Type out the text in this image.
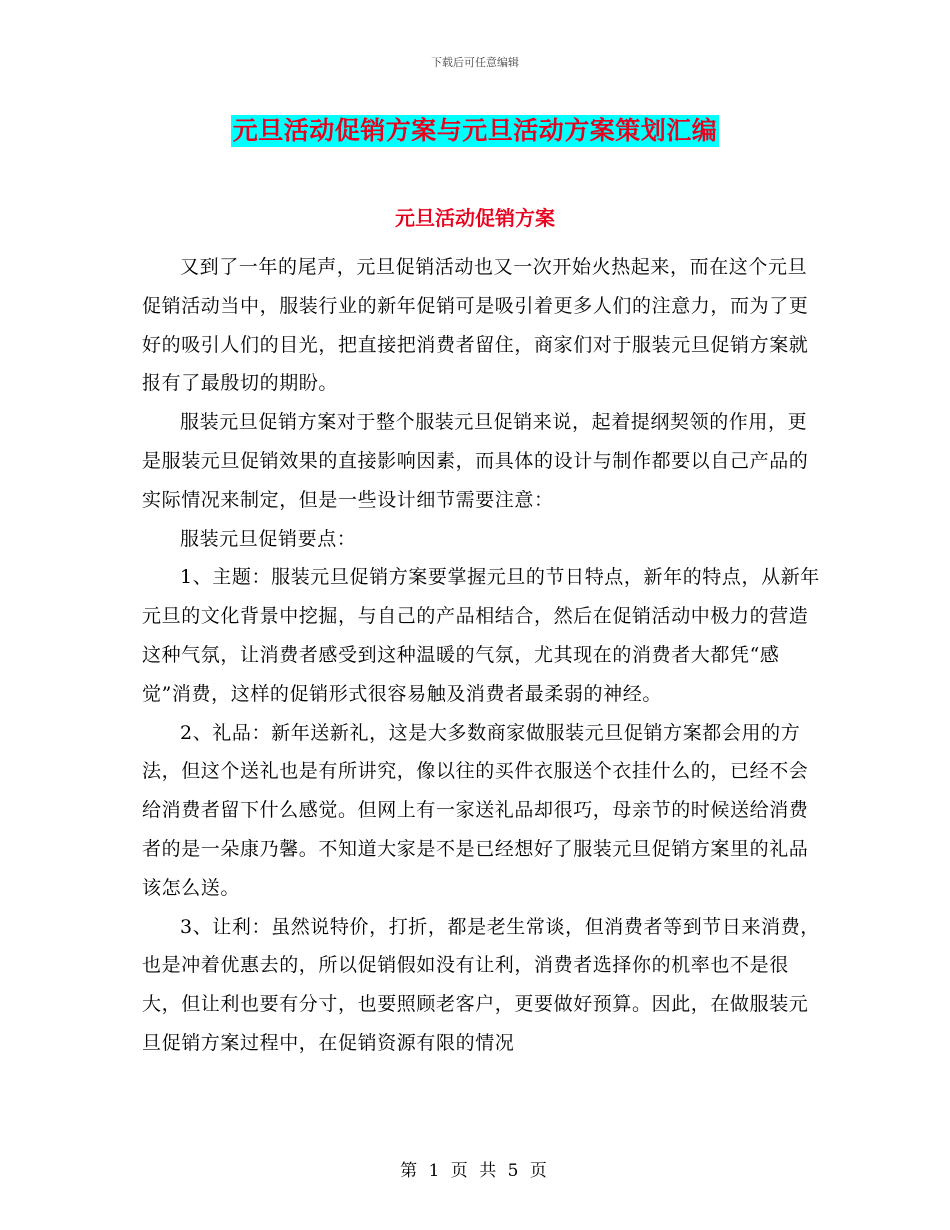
下载后可任意编辑
元旦活动促销方案与元旦活动方案策划汇编
元旦活动促销方案

又到了一年的尾声，元旦促销活动也又一次开始火热起来，而在这个元旦促销活动当中，服装行业的新年促销可是吸引着更多人们的注意力，而为了更好的吸引人们的目光，把直接把消费者留住，商家们对于服装元旦促销方案就报有了最殷切的期盼。

服装元旦促销方案对于整个服装元旦促销来说，起着提纲契领的作用，更是服装元旦促销效果的直接影响因素，而具体的设计与制作都要以自己产品的实际情况来制定，但是一些设计细节需要注意：

服装元旦促销要点：

1、主题：服装元旦促销方案要掌握元旦的节日特点，新年的特点，从新年元旦的文化背景中挖掘，与自己的产品相结合，然后在促销活动中极力的营造这种气氛，让消费者感受到这种温暖的气氛，尤其现在的消费者大都凭“感觉”消费，这样的促销形式很容易触及消费者最柔弱的神经。

2、礼品：新年送新礼，这是大多数商家做服装元旦促销方案都会用的方法，但这个送礼也是有所讲究，像以往的买件衣服送个衣挂什么的，已经不会给消费者留下什么感觉。但网上有一家送礼品却很巧，母亲节的时候送给消费者的是一朵康乃馨。不知道大家是不是已经想好了服装元旦促销方案里的礼品该怎么送。

3、让利：虽然说特价，打折，都是老生常谈，但消费者等到节日来消费，也是冲着优惠去的，所以促销假如没有让利，消费者选择你的机率也不是很大，但让利也要有分寸，也要照顾老客户，更要做好预算。因此，在做服装元旦促销方案过程中，在促销资源有限的情况

第 1 页 共 5 页
